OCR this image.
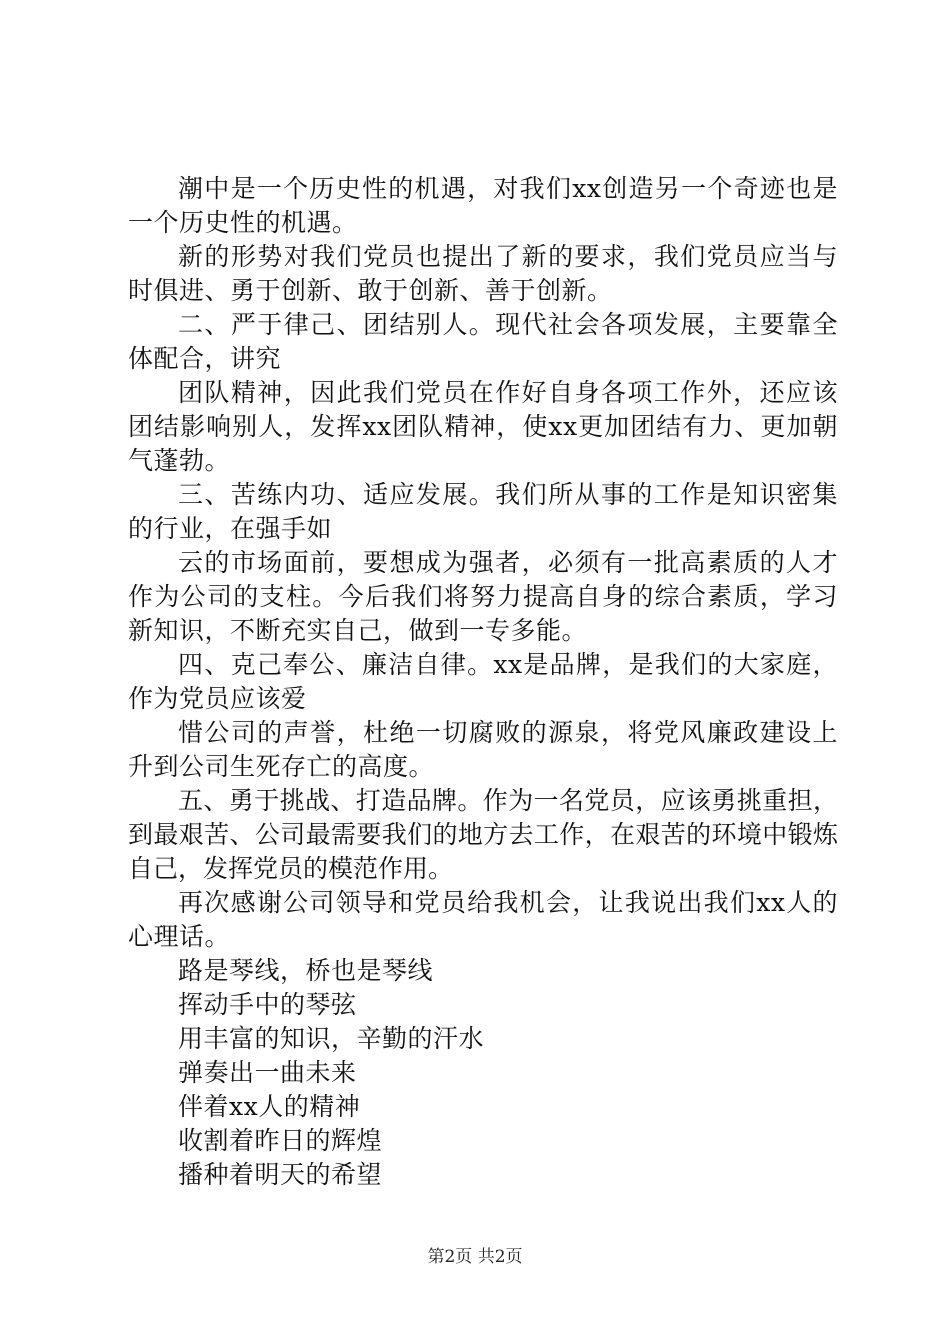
潮中是一个历史性的机遇，对我们xx创造另一个奇迹也是一个历史性的机遇。

新的形势对我们党员也提出了新的要求，我们党员应当与时俱进、勇于创新、敢于创新、善于创新。

二、严于律己、团结别人。现代社会各项发展，主要靠全体配合，讲究

团队精神，因此我们党员在作好自身各项工作外，还应该团结影响别人，发挥xx团队精神，使xx更加团结有力、更加朝气蓬勃。

三、苦练内功、适应发展。我们所从事的工作是知识密集的行业，在强手如

云的市场面前，要想成为强者，必须有一批高素质的人才作为公司的支柱。今后我们将努力提高自身的综合素质，学习新知识，不断充实自己，做到一专多能。

四、克己奉公、廉洁自律。xx是品牌，是我们的大家庭，作为党员应该爱

惜公司的声誉，杜绝一切腐败的源泉，将党风廉政建设上升到公司生死存亡的高度。

五、勇于挑战、打造品牌。作为一名党员，应该勇挑重担，到最艰苦、公司最需要我们的地方去工作，在艰苦的环境中锻炼自己，发挥党员的模范作用。

再次感谢公司领导和党员给我机会，让我说出我们xx人的心理话。

路是琴线，桥也是琴线

挥动手中的琴弦

用丰富的知识，辛勤的汗水

弹奏出一曲未来

伴着xx人的精神

收割着昨日的辉煌

播种着明天的希望

第2页 共2页
